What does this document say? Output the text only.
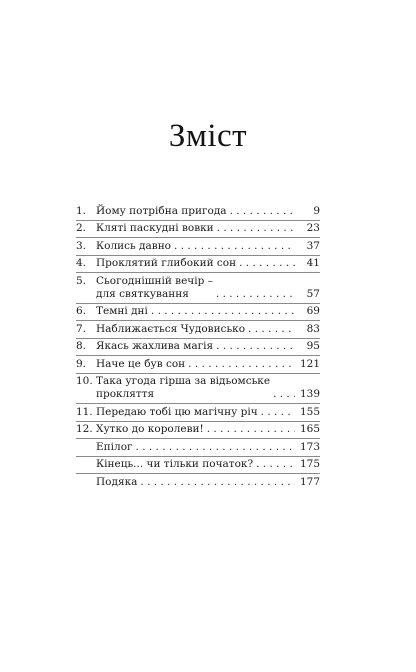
Зміст
1. Йому потрібна пригода . . .	9
2. Кляті паскудні вовки . . .	23
3. Колись давно . . .	37
4. Проклятий глибокий сон . . .	41
5. Сьогоднішній вечір –
для святкування . . .	57
6. Темні дні . . .	69
7. Наближається Чудовисько . . .	83
8. Якась жахлива магія . . .	95
9. Наче це був сон . . .	121
10. Така угода гірша за відьомське
прокляття . . .	139
11. Передаю тобі цю магічну річ . . .	155
12. Хутко до королеви! . . .	165
Епілог . . .	173
Кінець... чи тільки початок? . . .	175
Подяка . . .	177
